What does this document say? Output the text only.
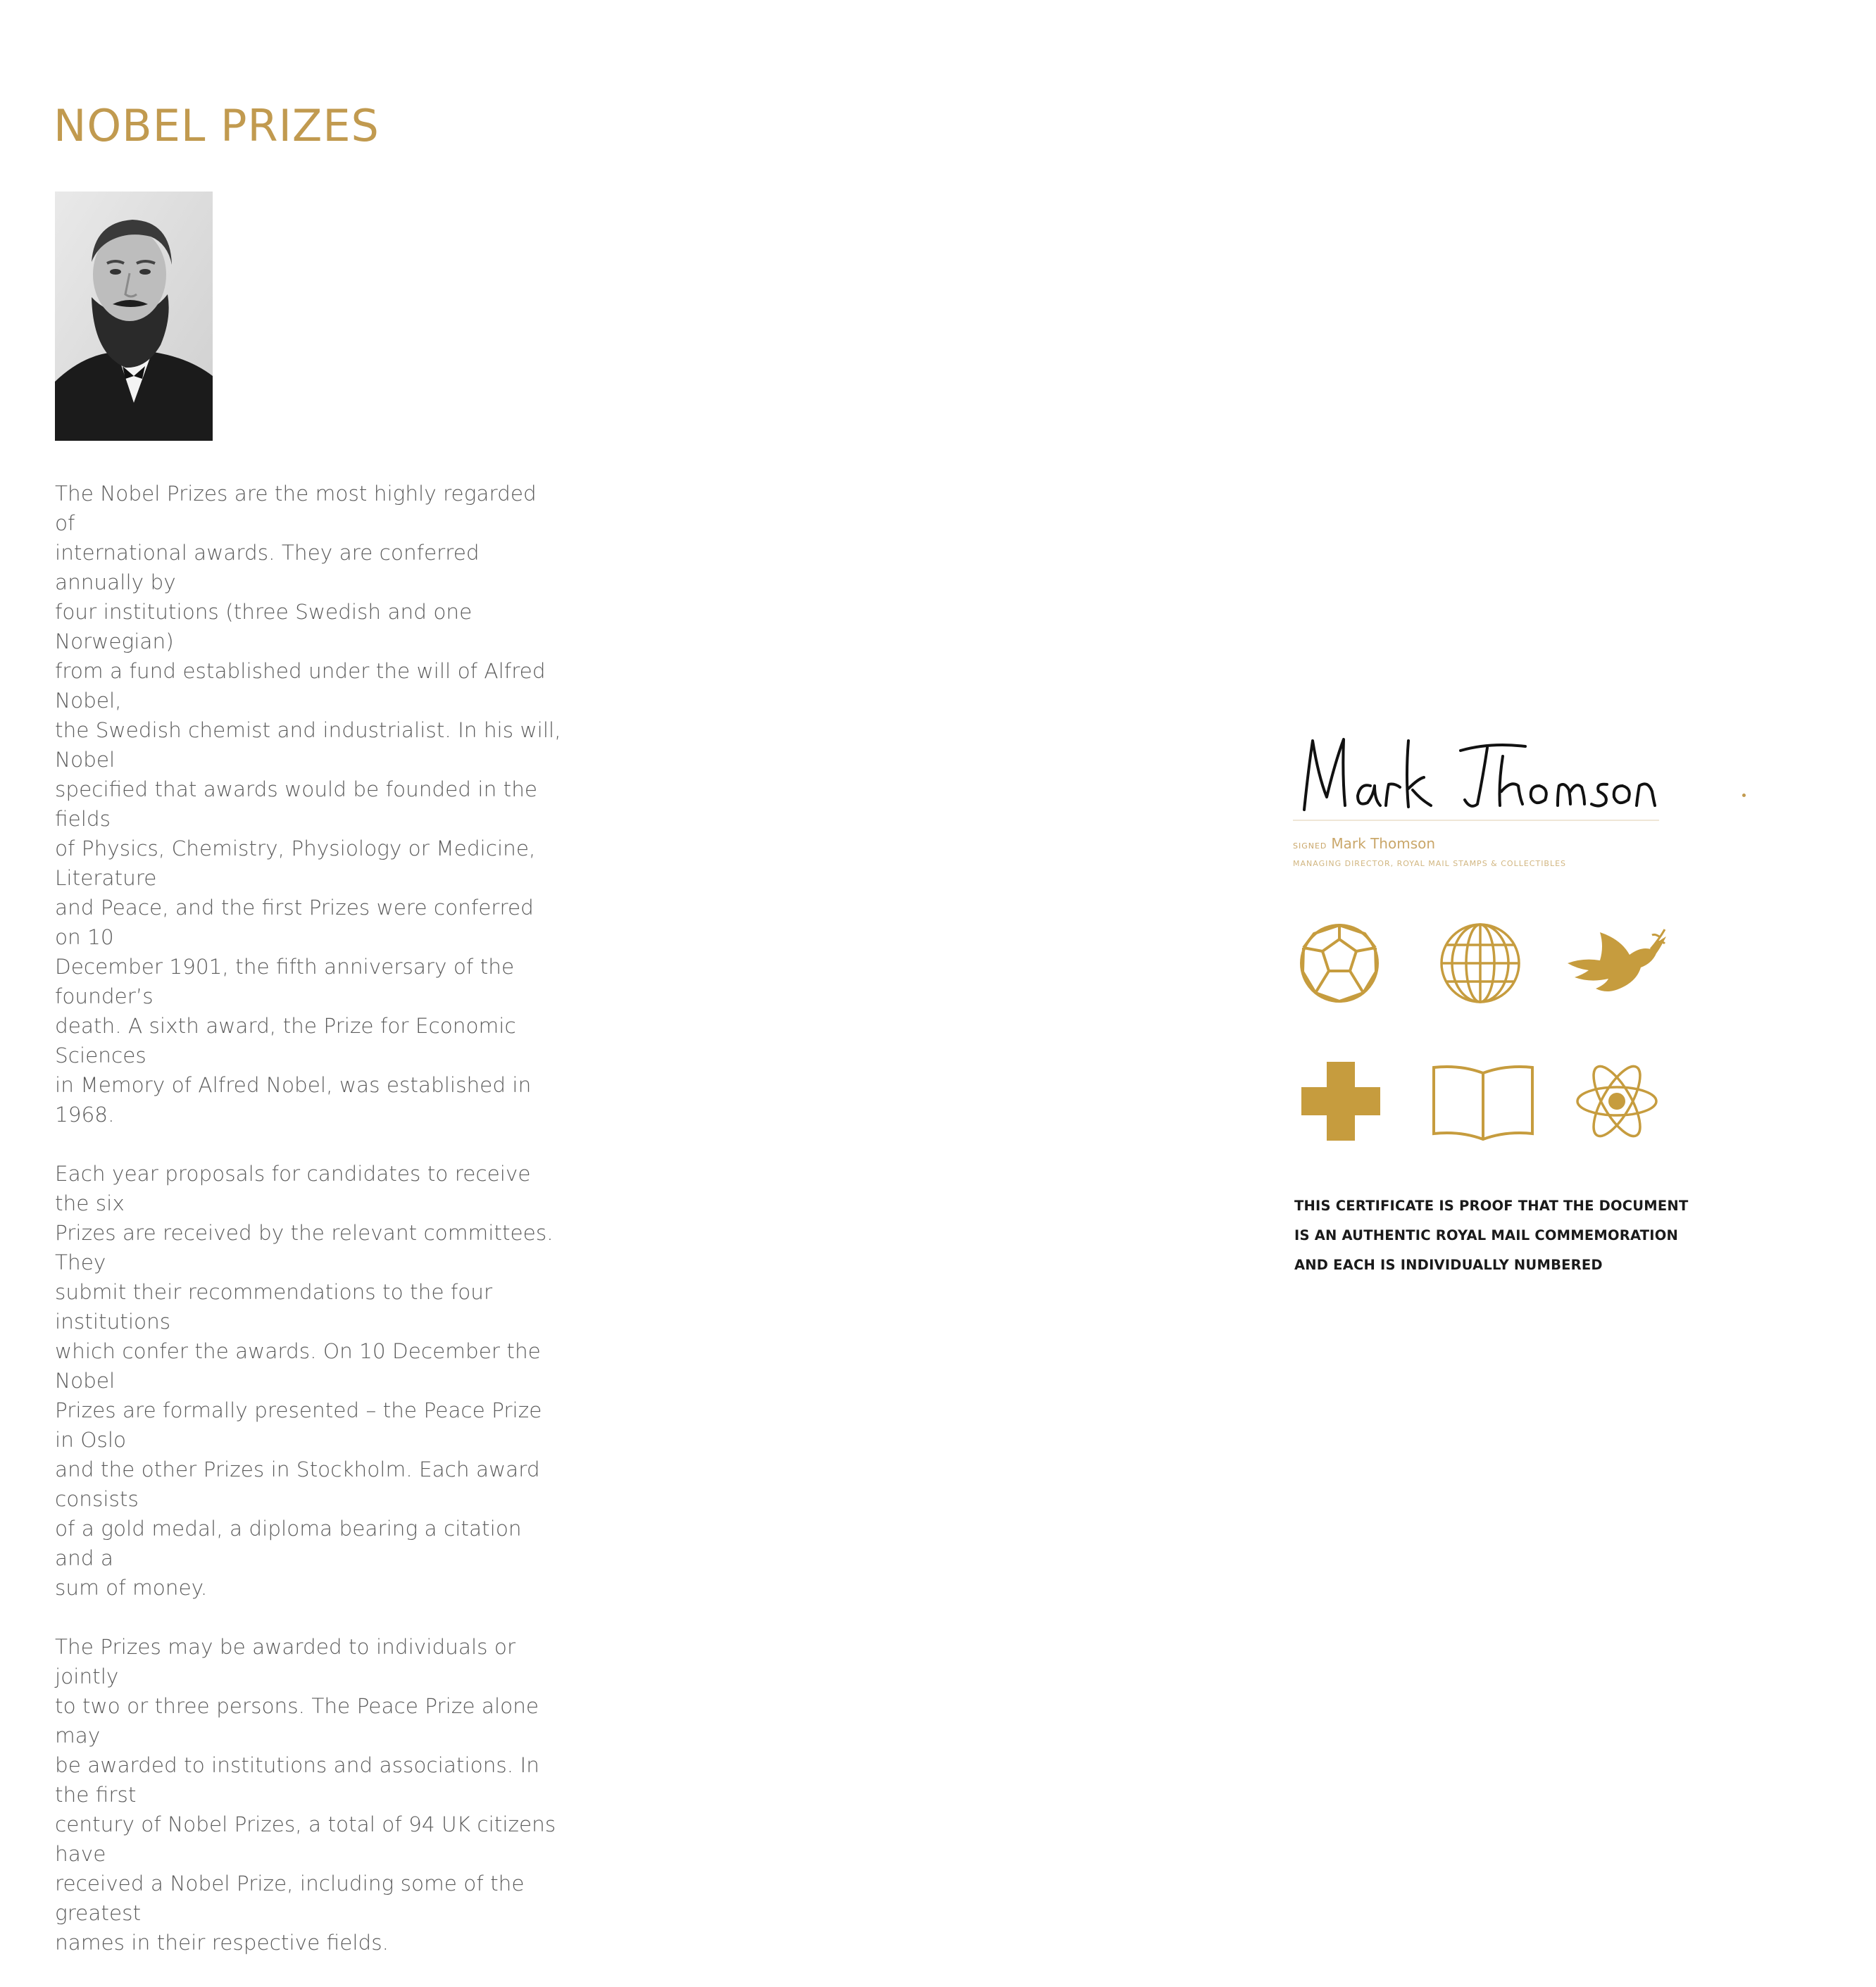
NOBEL PRIZES

The Nobel Prizes are the most highly regarded of
international awards. They are conferred annually by
four institutions (three Swedish and one Norwegian)
from a fund established under the will of Alfred Nobel,
the Swedish chemist and industrialist. In his will, Nobel
specified that awards would be founded in the fields
of Physics, Chemistry, Physiology or Medicine, Literature
and Peace, and the first Prizes were conferred on 10
December 1901, the fifth anniversary of the founder’s
death. A sixth award, the Prize for Economic Sciences
in Memory of Alfred Nobel, was established in 1968.

Each year proposals for candidates to receive the six
Prizes are received by the relevant committees. They
submit their recommendations to the four institutions
which confer the awards. On 10 December the Nobel
Prizes are formally presented – the Peace Prize in Oslo
and the other Prizes in Stockholm. Each award consists
of a gold medal, a diploma bearing a citation and a
sum of money.

The Prizes may be awarded to individuals or jointly
to two or three persons. The Peace Prize alone may
be awarded to institutions and associations. In the first
century of Nobel Prizes, a total of 94 UK citizens have
received a Nobel Prize, including some of the greatest
names in their respective fields.

SIGNED Mark Thomson
MANAGING DIRECTOR, ROYAL MAIL STAMPS & COLLECTIBLES
THIS CERTIFICATE IS PROOF THAT THE DOCUMENT
IS AN AUTHENTIC ROYAL MAIL COMMEMORATION
AND EACH IS INDIVIDUALLY NUMBERED
